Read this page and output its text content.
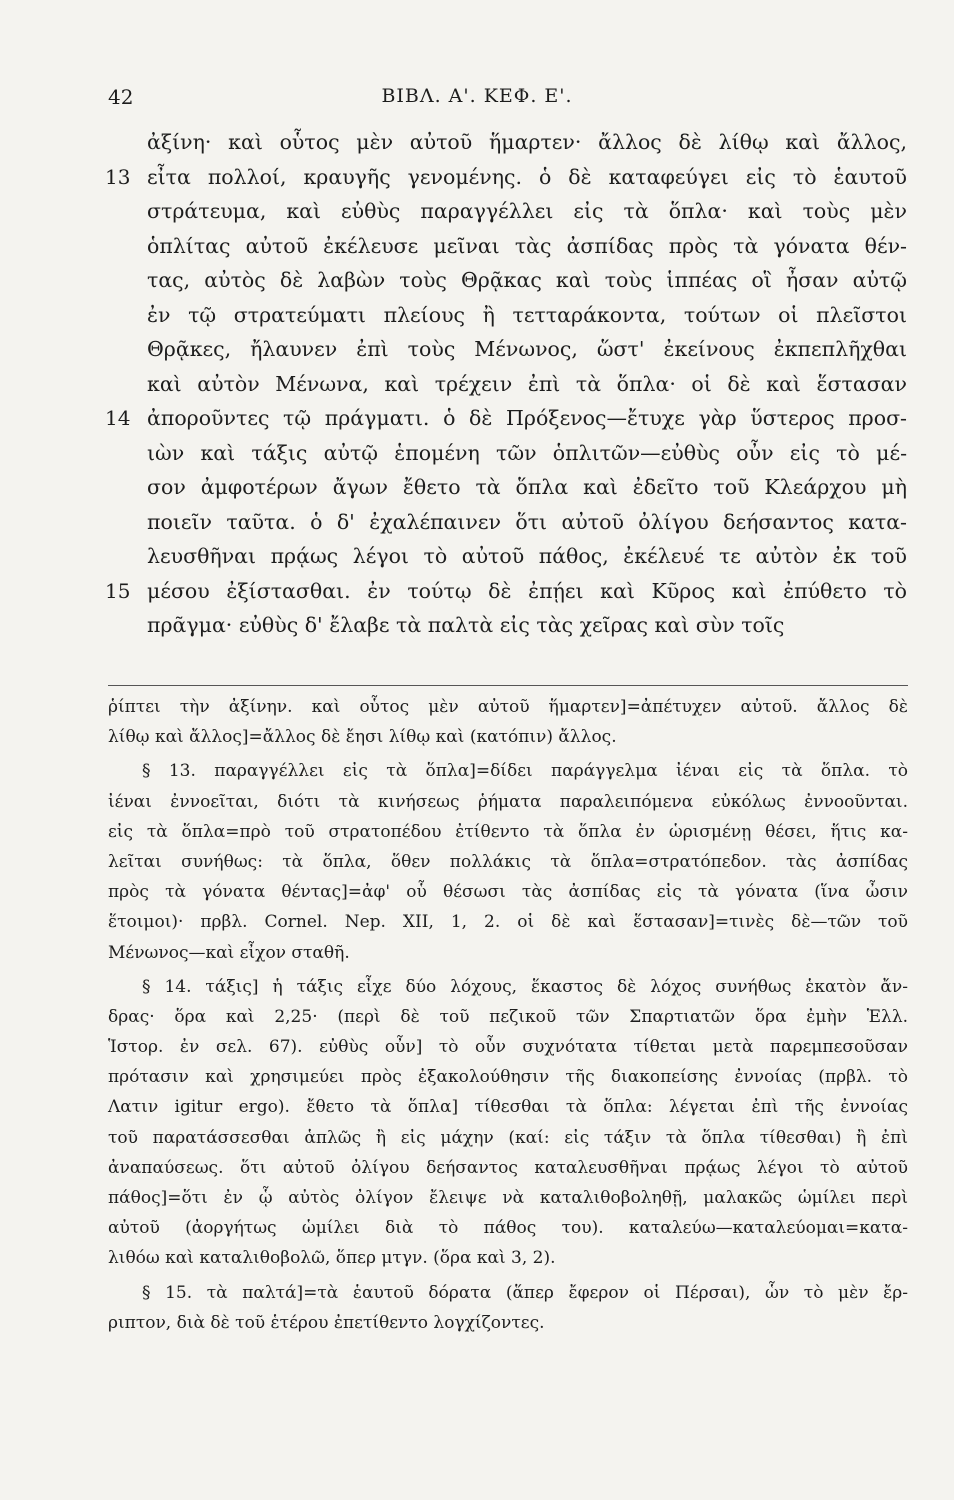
42	ΒΙΒΛ. Α'. ΚΕΦ. Ε'.
ἀξίνη· καὶ οὗτος μὲν αὐτοῦ ἥμαρτεν· ἄλλος δὲ λίθῳ καὶ ἄλλος,
13 εἶτα πολλοί, κραυγῆς γενομένης. ὁ δὲ καταφεύγει εἰς τὸ ἑαυτοῦ
στράτευμα, καὶ εὐθὺς παραγγέλλει εἰς τὰ ὅπλα· καὶ τοὺς μὲν
ὁπλίτας αὐτοῦ ἐκέλευσε μεῖναι τὰς ἀσπίδας πρὸς τὰ γόνατα θέν-
τας, αὐτὸς δὲ λαβὼν τοὺς Θρᾷκας καὶ τοὺς ἱππέας οἳ ἦσαν αὐτῷ
ἐν τῷ στρατεύματι πλείους ἢ τετταράκοντα, τούτων οἱ πλεῖστοι
Θρᾷκες, ἤλαυνεν ἐπὶ τοὺς Μένωνος, ὥστ' ἐκείνους ἐκπεπλῆχθαι
καὶ αὐτὸν Μένωνα, καὶ τρέχειν ἐπὶ τὰ ὅπλα· οἱ δὲ καὶ ἕστασαν
14 ἀποροῦντες τῷ πράγματι. ὁ δὲ Πρόξενος—ἔτυχε γὰρ ὕστερος προσ-
ιὼν καὶ τάξις αὐτῷ ἑπομένη τῶν ὁπλιτῶν—εὐθὺς οὖν εἰς τὸ μέ-
σον ἀμφοτέρων ἄγων ἔθετο τὰ ὅπλα καὶ ἐδεῖτο τοῦ Κλεάρχου μὴ
ποιεῖν ταῦτα. ὁ δ' ἐχαλέπαινεν ὅτι αὐτοῦ ὀλίγου δεήσαντος κατα-
λευσθῆναι πρᾴως λέγοι τὸ αὐτοῦ πάθος, ἐκέλευέ τε αὐτὸν ἐκ τοῦ
15 μέσου ἐξίστασθαι. ἐν τούτῳ δὲ ἐπῄει καὶ Κῦρος καὶ ἐπύθετο τὸ
πρᾶγμα· εὐθὺς δ' ἔλαβε τὰ παλτὰ εἰς τὰς χεῖρας καὶ σὺν τοῖς
ῥίπτει τὴν ἀξίνην. καὶ οὗτος μὲν αὐτοῦ ἥμαρτεν]=ἀπέτυχεν αὐτοῦ. ἄλλος δὲ
λίθῳ καὶ ἄλλος]=ἄλλος δὲ ἔησι λίθῳ καὶ (κατόπιν) ἄλλος.
§ 13. παραγγέλλει εἰς τὰ ὅπλα]=δίδει παράγγελμα ἰέναι εἰς τὰ ὅπλα. τὸ
ἰέναι ἐννοεῖται, διότι τὰ κινήσεως ῥήματα παραλειπόμενα εὐκόλως ἐννοοῦνται.
εἰς τὰ ὅπλα=πρὸ τοῦ στρατοπέδου ἐτίθεντο τὰ ὅπλα ἐν ὡρισμένῃ θέσει, ἥτις κα-
λεῖται συνήθως: τὰ ὅπλα, ὅθεν πολλάκις τὰ ὅπλα=στρατόπεδον. τὰς ἀσπίδας
πρὸς τὰ γόνατα θέντας]=ἀφ' οὗ θέσωσι τὰς ἀσπίδας εἰς τὰ γόνατα (ἵνα ὦσιν
ἕτοιμοι)· πρβλ. Cornel. Nep. XII, 1, 2. οἱ δὲ καὶ ἕστασαν]=τινὲς δὲ—τῶν τοῦ
Μένωνος—καὶ εἶχον σταθῆ.
§ 14. τάξις] ἡ τάξις εἶχε δύο λόχους, ἕκαστος δὲ λόχος συνήθως ἑκατὸν ἄν-
δρας· ὅρα καὶ 2,25· (περὶ δὲ τοῦ πεζικοῦ τῶν Σπαρτιατῶν ὅρα ἐμὴν Ἑλλ.
Ἱστορ. ἐν σελ. 67). εὐθὺς οὖν] τὸ οὖν συχνότατα τίθεται μετὰ παρεμπεσοῦσαν
πρότασιν καὶ χρησιμεύει πρὸς ἐξακολούθησιν τῆς διακοπείσης ἐννοίας (πρβλ. τὸ
Λατιν igitur ergo). ἔθετο τὰ ὅπλα] τίθεσθαι τὰ ὅπλα: λέγεται ἐπὶ τῆς ἐννοίας
τοῦ παρατάσσεσθαι ἁπλῶς ἢ εἰς μάχην (καί: εἰς τάξιν τὰ ὅπλα τίθεσθαι) ἢ ἐπὶ
ἀναπαύσεως. ὅτι αὐτοῦ ὀλίγου δεήσαντος καταλευσθῆναι πρᾴως λέγοι τὸ αὐτοῦ
πάθος]=ὅτι ἐν ᾧ αὐτὸς ὀλίγον ἔλειψε νὰ καταλιθοβοληθῇ, μαλακῶς ὡμίλει περὶ
αὐτοῦ (ἀοργήτως ὡμίλει διὰ τὸ πάθος του). καταλεύω—καταλεύομαι=κατα-
λιθόω καὶ καταλιθοβολῶ, ὅπερ μτγν. (ὅρα καὶ 3, 2).
§ 15. τὰ παλτά]=τὰ ἑαυτοῦ δόρατα (ἅπερ ἔφερον οἱ Πέρσαι), ὧν τὸ μὲν ἔρ-
ριπτον, διὰ δὲ τοῦ ἑτέρου ἐπετίθεντο λογχίζοντες.
